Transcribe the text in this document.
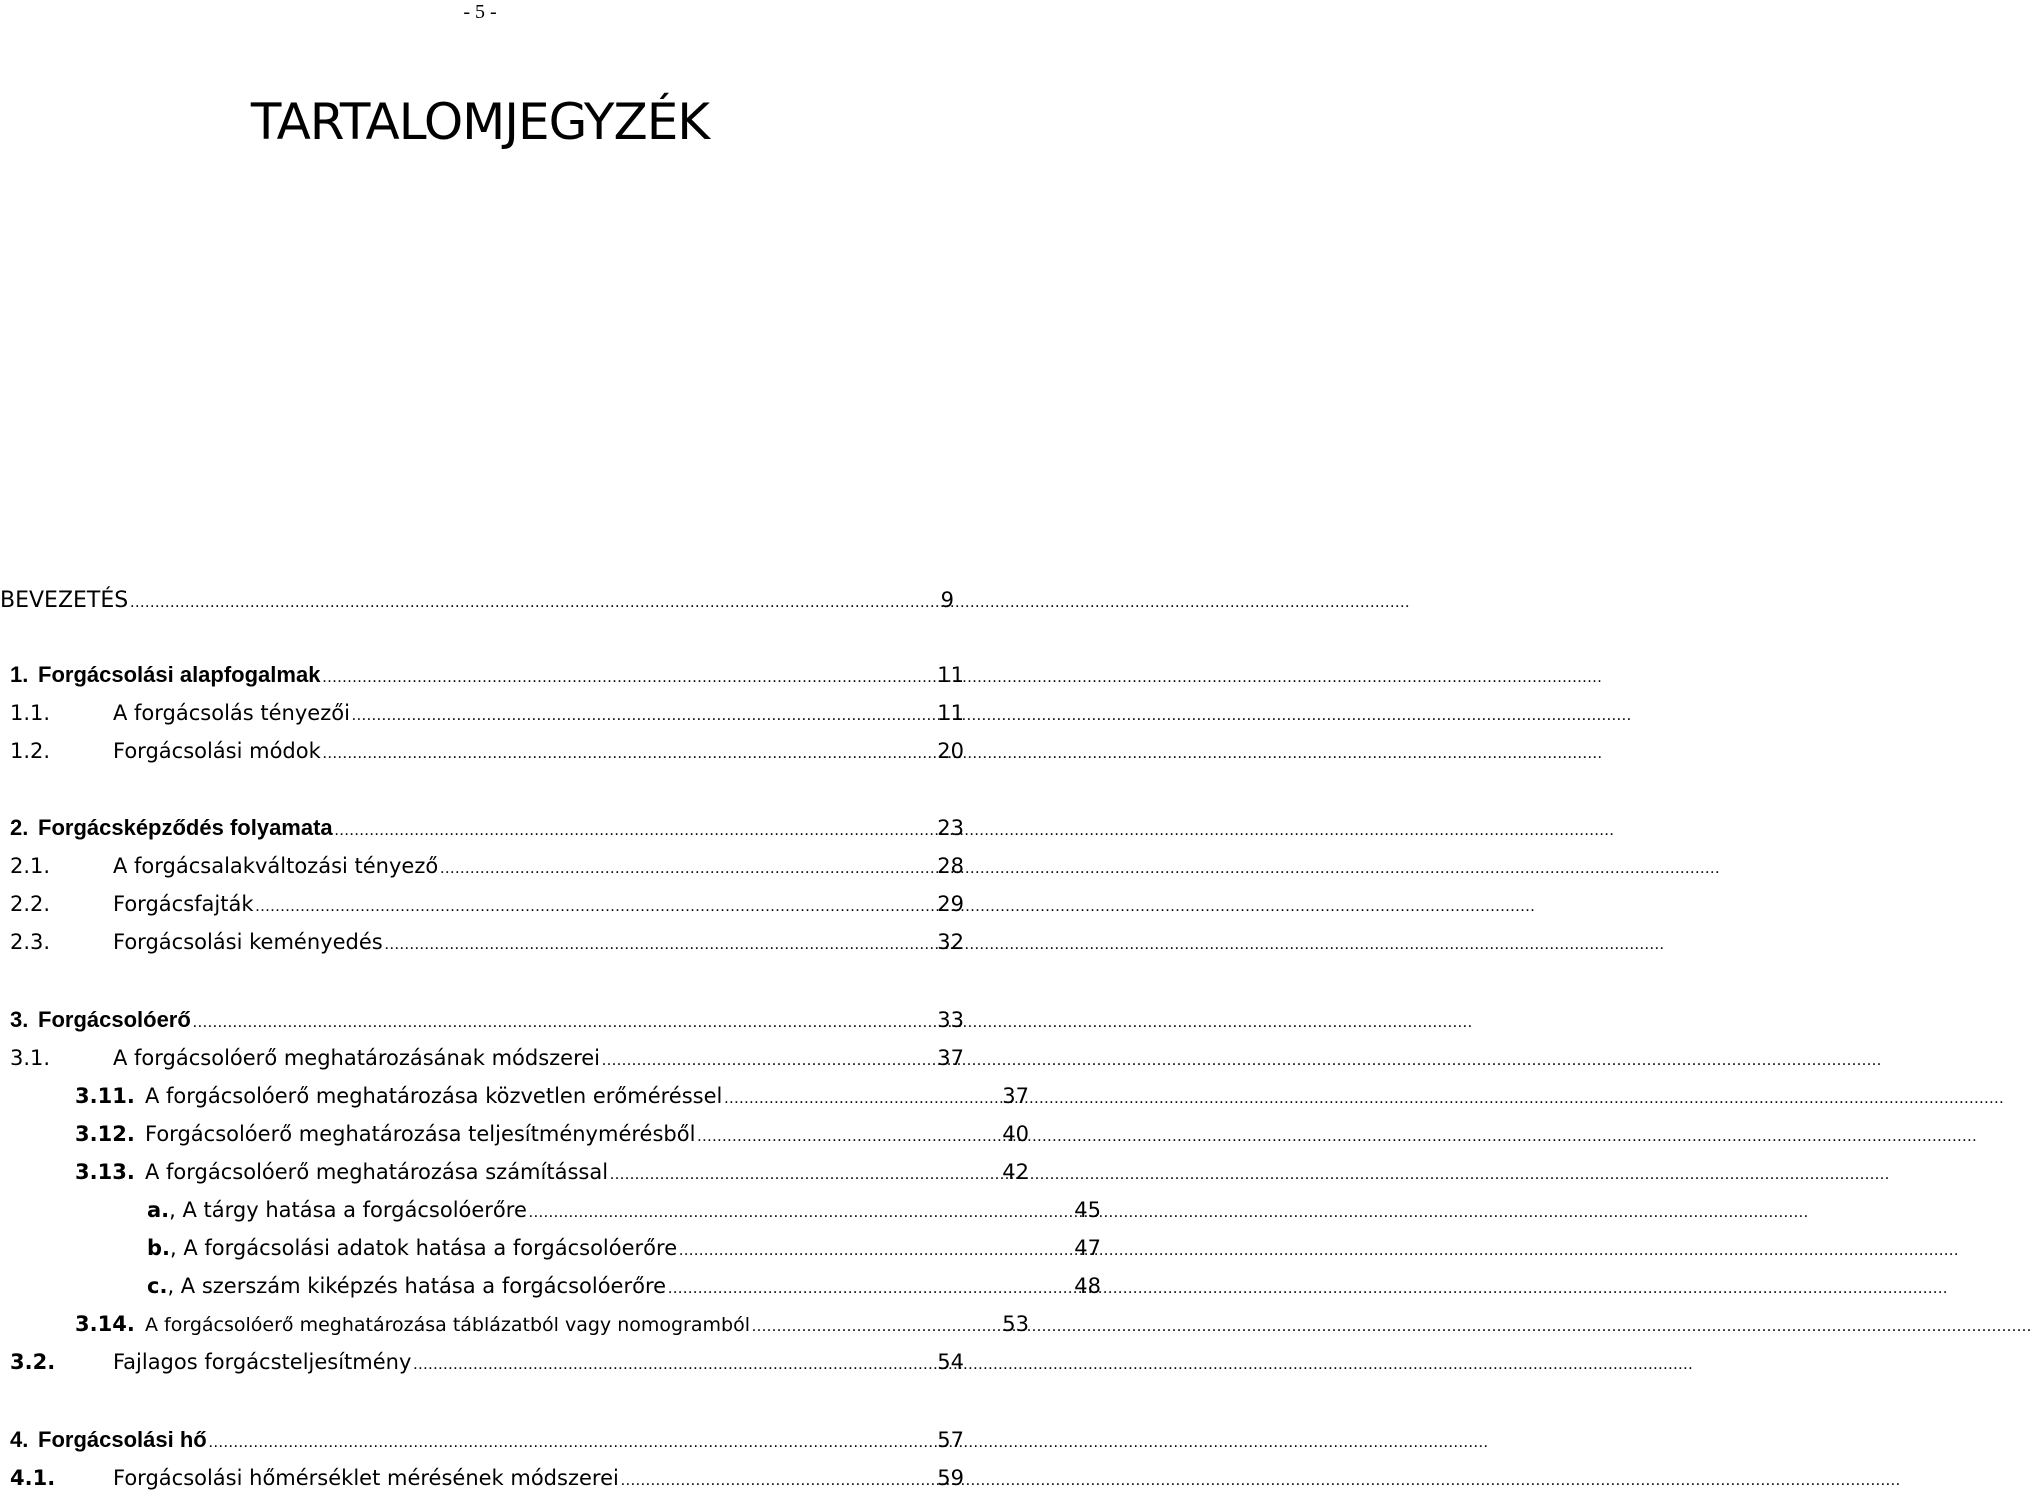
- 5 -
TARTALOMJEGYZÉK
BEVEZETÉS .....	9
1. Forgácsolási alapfogalmak .....	11
1.1.	A forgácsolás tényezői .....	11
1.2.	Forgácsolási módok .....	20
2. Forgácsképződés folyamata .....	23
2.1.	A forgácsalakváltozási tényező .....	28
2.2.	Forgácsfajták .....	29
2.3.	Forgácsolási keményedés .....	32
3. Forgácsolóerő .....	33
3.1.	A forgácsolóerő meghatározásának módszerei .....	37
3.11. A forgácsolóerő meghatározása közvetlen erőméréssel .....	37
3.12. Forgácsolóerő meghatározása teljesítménymérésből .....	40
3.13. A forgácsolóerő meghatározása számítással .....	42
a. , A tárgy hatása a forgácsolóerőre .....	45
b. , A forgácsolási adatok hatása a forgácsolóerőre .....	47
c. , A szerszám kiképzés hatása a forgácsolóerőre .....	48
3.14. A forgácsolóerő meghatározása táblázatból vagy nomogramból .....	53
3.2.	Fajlagos forgácsteljesítmény .....	54
4. Forgácsolási hő .....	57
4.1.	Forgácsolási hőmérséklet mérésének módszerei .....	59
